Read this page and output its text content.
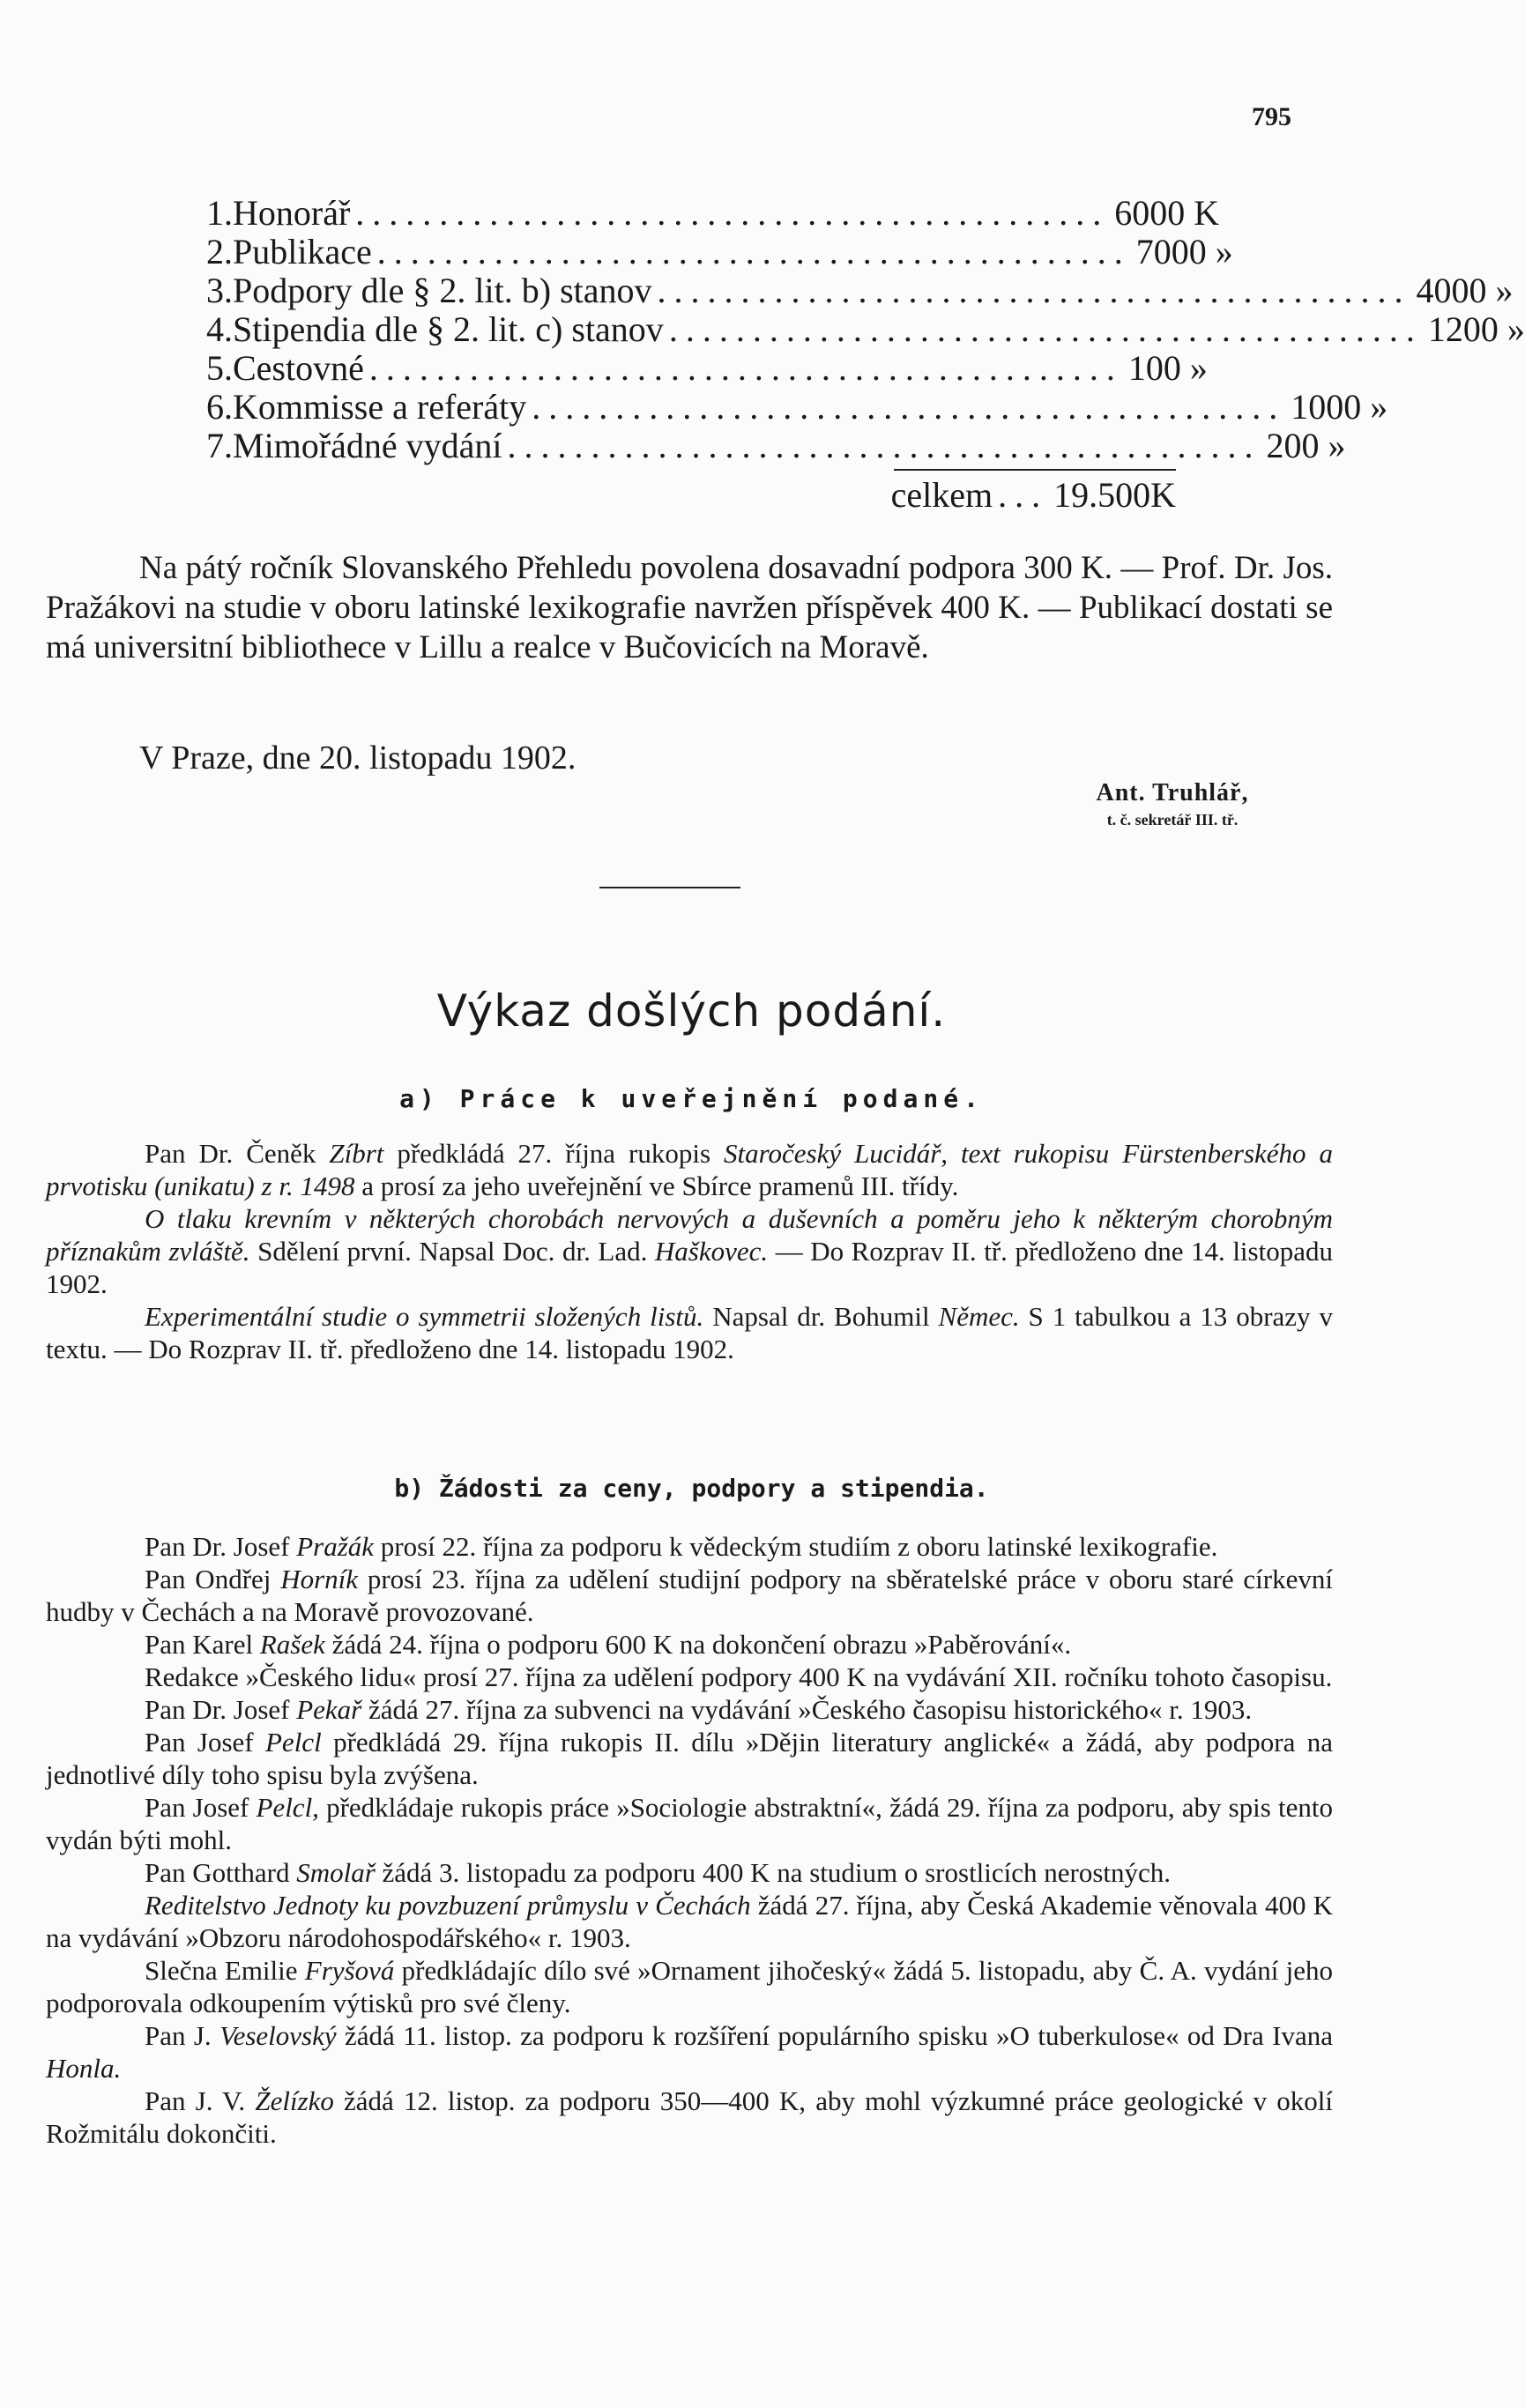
795
1. Honorář ............................................. 6000 K
2. Publikace ............................................. 7000 »
3. Podpory dle § 2. lit. b) stanov ............................................. 4000 »
4. Stipendia dle § 2. lit. c) stanov ............................................. 1200 »
5. Cestovné ............................................. 100 »
6. Kommisse a referáty ............................................. 1000 »
7. Mimořádné vydání ............................................. 200 »
celkem ... 19.500 K

Na pátý ročník Slovanského Přehledu povolena dosavadní podpora 300 K. — Prof. Dr. Jos. Pražákovi na studie v oboru latinské lexikografie navržen příspěvek 400 K. — Publikací dostati se má universitní bibliothece v Lillu a realce v Bučovicích na Moravě.

V Praze, dne 20. listopadu 1902.
Ant. Truhlář,
t. č. sekretář III. tř.
Výkaz došlých podání.
a) Práce k uveřejnění podané.

Pan Dr. Čeněk Zíbrt předkládá 27. října rukopis Staročeský Lucidář, text rukopisu Fürstenberského a prvotisku (unikatu) z r. 1498 a prosí za jeho uveřejnění ve Sbírce pramenů III. třídy.

O tlaku krevním v některých chorobách nervových a duševních a poměru jeho k některým chorobným příznakům zvláště. Sdělení první. Napsal Doc. dr. Lad. Haškovec. — Do Rozprav II. tř. předloženo dne 14. listopadu 1902.

Experimentální studie o symmetrii složených listů. Napsal dr. Bohumil Němec. S 1 tabulkou a 13 obrazy v textu. — Do Rozprav II. tř. předloženo dne 14. listopadu 1902.

b) Žádosti za ceny, podpory a stipendia.

Pan Dr. Josef Pražák prosí 22. října za podporu k vědeckým studiím z oboru latinské lexikografie.

Pan Ondřej Horník prosí 23. října za udělení studijní podpory na sběratelské práce v oboru staré církevní hudby v Čechách a na Moravě provozované.

Pan Karel Rašek žádá 24. října o podporu 600 K na dokončení obrazu »Paběrování«.

Redakce »Českého lidu« prosí 27. října za udělení podpory 400 K na vydávání XII. ročníku tohoto časopisu.

Pan Dr. Josef Pekař žádá 27. října za subvenci na vydávání »Českého časopisu historického« r. 1903.

Pan Josef Pelcl předkládá 29. října rukopis II. dílu »Dějin literatury anglické« a žádá, aby podpora na jednotlivé díly toho spisu byla zvýšena.

Pan Josef Pelcl, předkládaje rukopis práce »Sociologie abstraktní«, žádá 29. října za podporu, aby spis tento vydán býti mohl.

Pan Gotthard Smolař žádá 3. listopadu za podporu 400 K na studium o srostlicích nerostných.

Reditelstvo Jednoty ku povzbuzení průmyslu v Čechách žádá 27. října, aby Česká Akademie věnovala 400 K na vydávání »Obzoru národohospodářského« r. 1903.

Slečna Emilie Fryšová předkládajíc dílo své »Ornament jihočeský« žádá 5. listopadu, aby Č. A. vydání jeho podporovala odkoupením výtisků pro své členy.

Pan J. Veselovský žádá 11. listop. za podporu k rozšíření populárního spisku »O tuberkulose« od Dra Ivana Honla.

Pan J. V. Želízko žádá 12. listop. za podporu 350—400 K, aby mohl výzkumné práce geologické v okolí Rožmitálu dokončiti.
